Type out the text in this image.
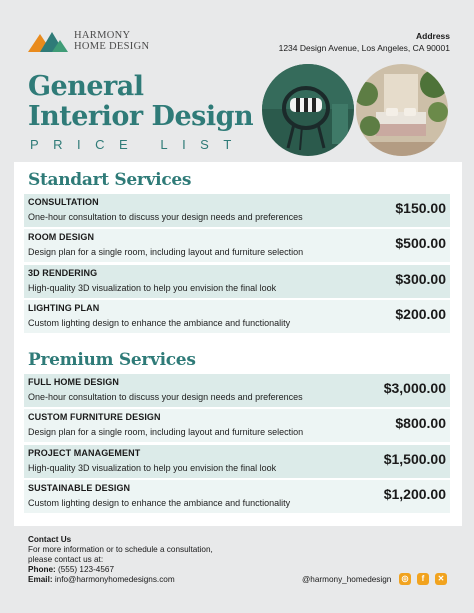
HARMONY
HOME DESIGN
Address
1234 Design Avenue, Los Angeles, CA 90001
General
Interior Design
PRICE LIST
Standart Services
CONSULTATION
One-hour consultation to discuss your design needs and preferences
$150.00
ROOM DESIGN
Design plan for a single room, including layout and furniture selection
$500.00
3D RENDERING
High-quality 3D visualization to help you envision the final look
$300.00
LIGHTING PLAN
Custom lighting design to enhance the ambiance and functionality
$200.00
Premium Services
FULL HOME DESIGN
One-hour consultation to discuss your design needs and preferences
$3,000.00
CUSTOM FURNITURE DESIGN
Design plan for a single room, including layout and furniture selection
$800.00
PROJECT MANAGEMENT
High-quality 3D visualization to help you envision the final look
$1,500.00
SUSTAINABLE DESIGN
Custom lighting design to enhance the ambiance and functionality
$1,200.00
Contact Us
For more information or to schedule a consultation,
please contact us at:
Phone: (555) 123-4567
Email: info@harmonyhomedesigns.com	@harmony_homedesign	◎	f	✕
